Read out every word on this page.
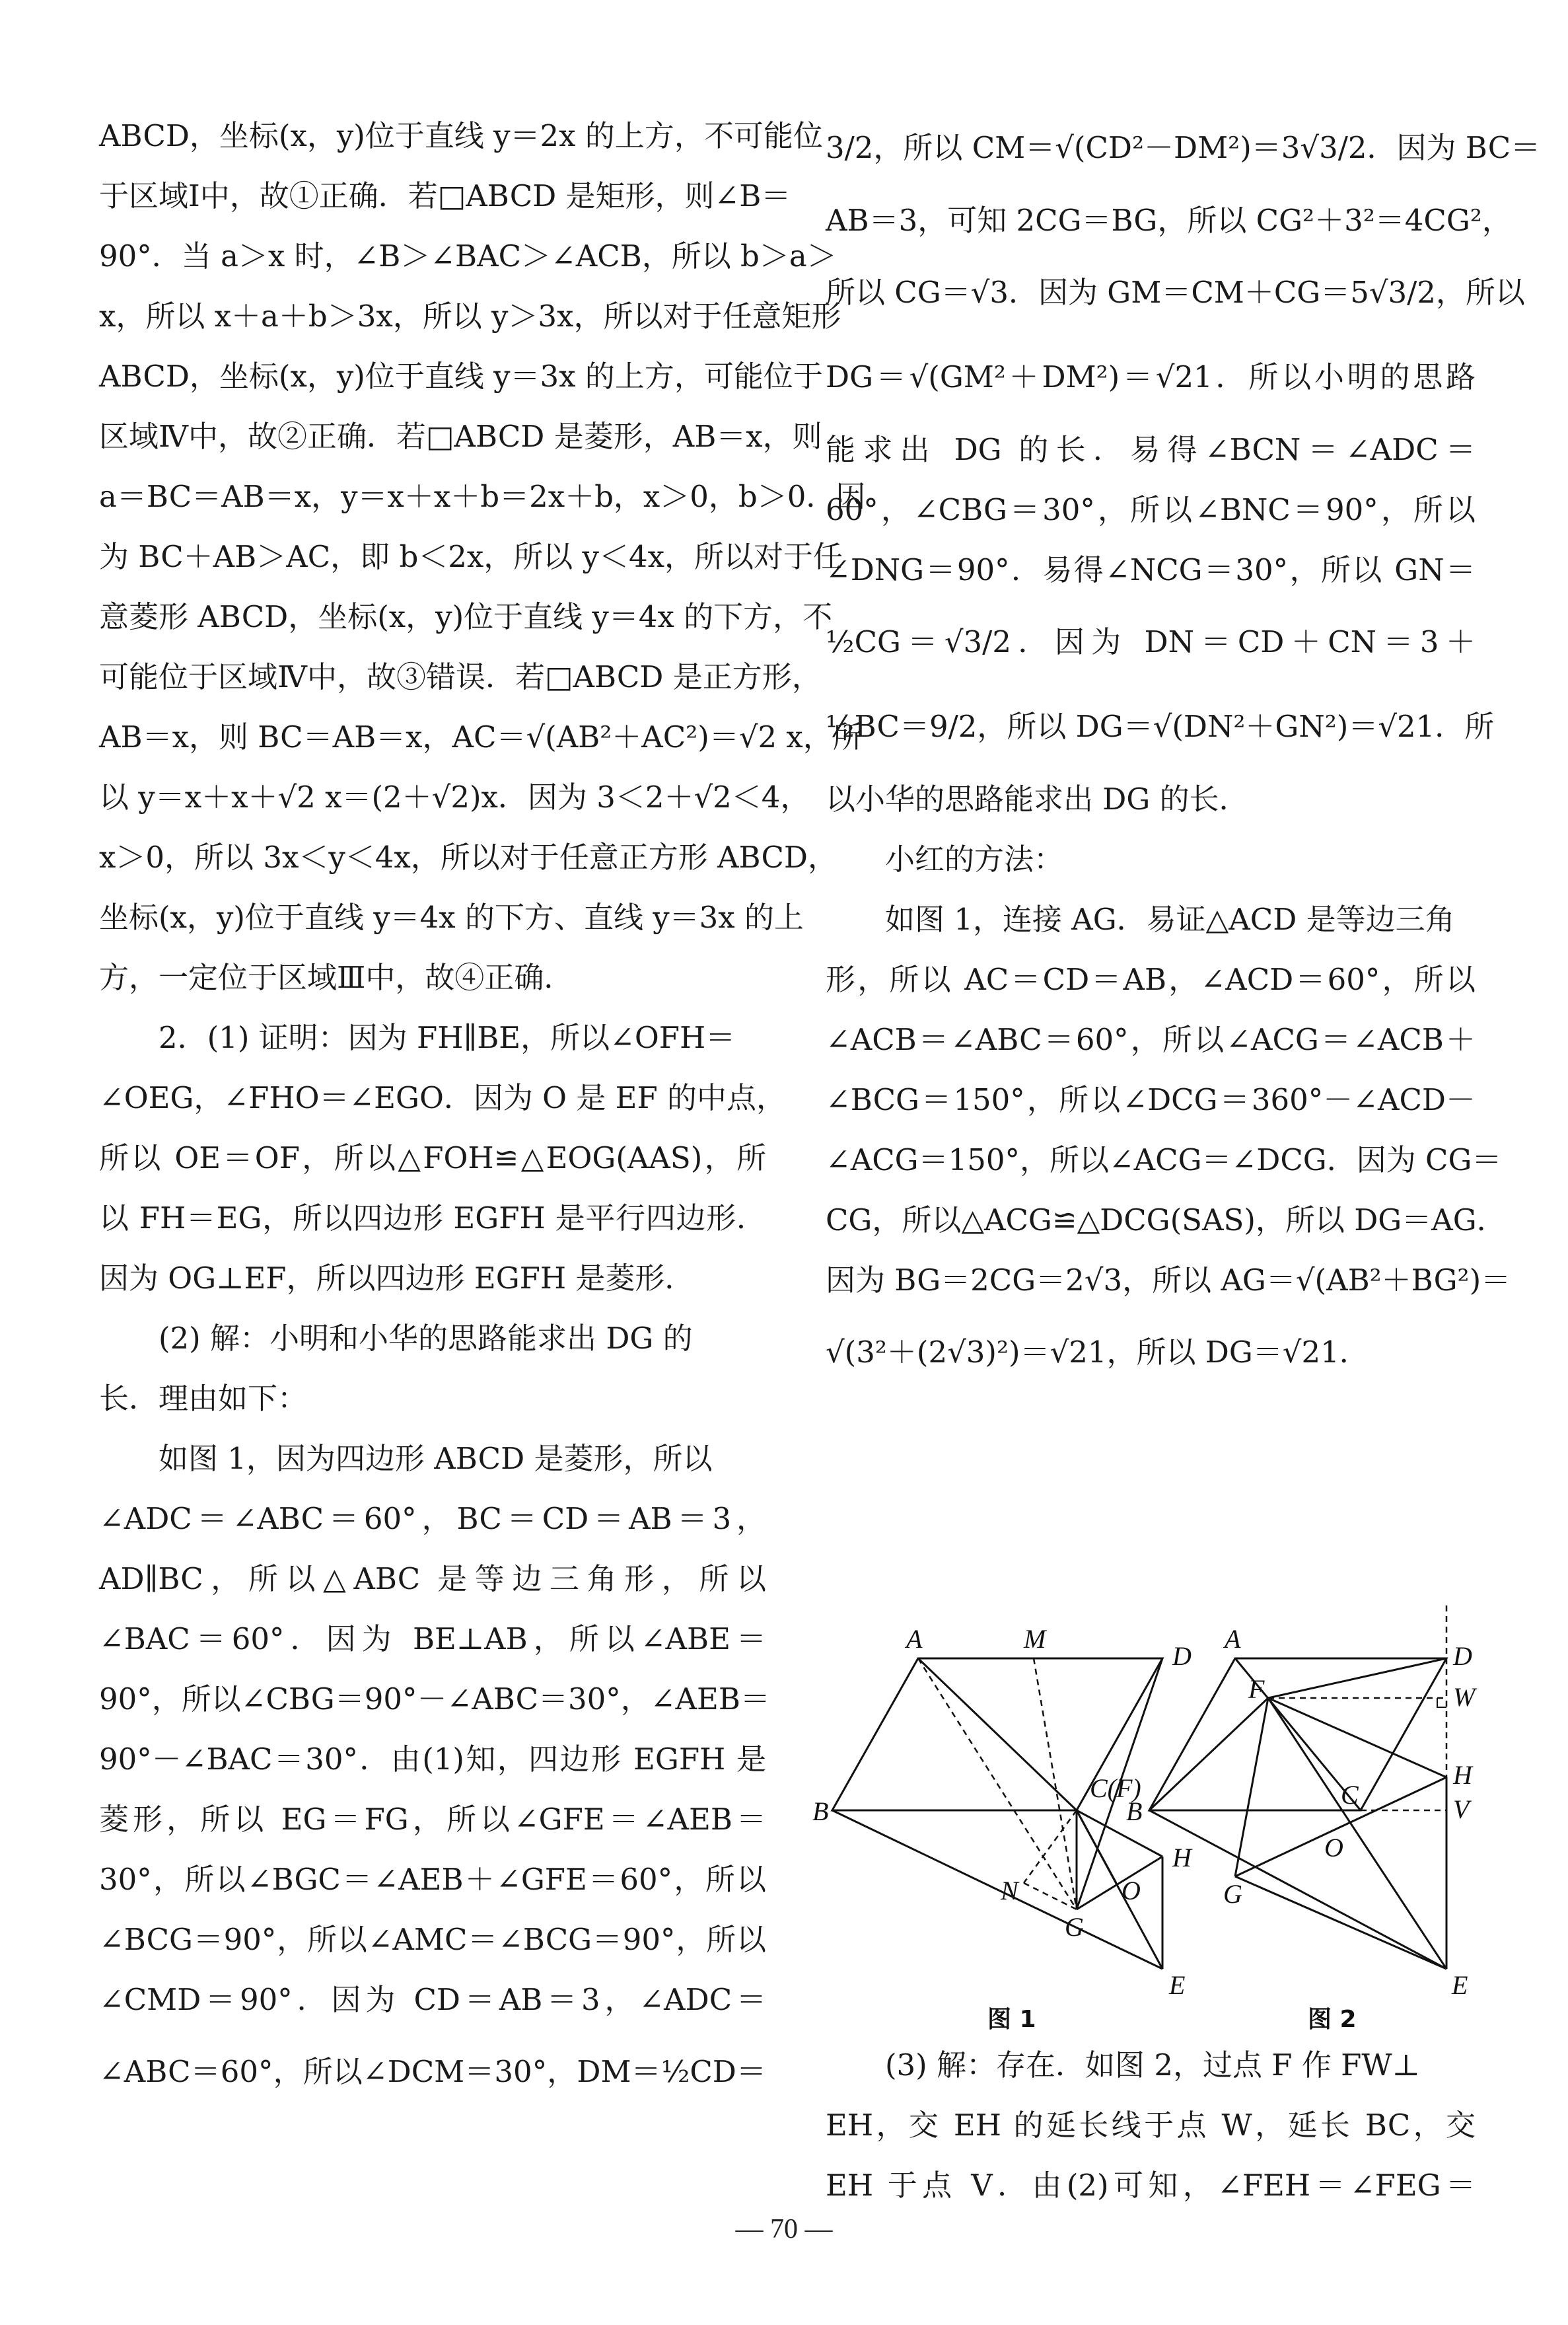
ABCD，坐标(x，y)位于直线 y＝2x 的上方，不可能位
于区域Ⅰ中，故①正确．若□ABCD 是矩形，则∠B＝
90°．当 a＞x 时，∠B＞∠BAC＞∠ACB，所以 b＞a＞
x，所以 x＋a＋b＞3x，所以 y＞3x，所以对于任意矩形
ABCD，坐标(x，y)位于直线 y＝3x 的上方，可能位于
区域Ⅳ中，故②正确．若□ABCD 是菱形，AB＝x，则
a＝BC＝AB＝x，y＝x＋x＋b＝2x＋b，x＞0，b＞0．因
为 BC＋AB＞AC，即 b＜2x，所以 y＜4x，所以对于任
意菱形 ABCD，坐标(x，y)位于直线 y＝4x 的下方，不
可能位于区域Ⅳ中，故③错误．若□ABCD 是正方形，
AB＝x，则 BC＝AB＝x，AC＝√(AB²＋AC²)＝√2 x，所
以 y＝x＋x＋√2 x＝(2＋√2)x．因为 3＜2＋√2＜4，
x＞0，所以 3x＜y＜4x，所以对于任意正方形 ABCD，
坐标(x，y)位于直线 y＝4x 的下方、直线 y＝3x 的上
方，一定位于区域Ⅲ中，故④正确．
2．(1) 证明：因为 FH∥BE，所以∠OFH＝
∠OEG，∠FHO＝∠EGO．因为 O 是 EF 的中点，
所以 OE＝OF，所以△FOH≌△EOG(AAS)，所
以 FH＝EG，所以四边形 EGFH 是平行四边形．
因为 OG⊥EF，所以四边形 EGFH 是菱形．
(2) 解：小明和小华的思路能求出 DG 的
长．理由如下：
如图 1，因为四边形 ABCD 是菱形，所以
∠ADC＝∠ABC＝60°，BC＝CD＝AB＝3，
AD∥BC，所以△ABC 是等边三角形，所以
∠BAC＝60°．因为 BE⊥AB，所以∠ABE＝
90°，所以∠CBG＝90°－∠ABC＝30°，∠AEB＝
90°－∠BAC＝30°．由(1)知，四边形 EGFH 是
菱形，所以 EG＝FG，所以∠GFE＝∠AEB＝
30°，所以∠BGC＝∠AEB＋∠GFE＝60°，所以
∠BCG＝90°，所以∠AMC＝∠BCG＝90°，所以
∠CMD＝90°．因为 CD＝AB＝3，∠ADC＝
∠ABC＝60°，所以∠DCM＝30°，DM＝½CD＝
3/2，所以 CM＝√(CD²－DM²)＝3√3/2．因为 BC＝
AB＝3，可知 2CG＝BG，所以 CG²＋3²＝4CG²，
所以 CG＝√3．因为 GM＝CM＋CG＝5√3/2，所以
DG＝√(GM²＋DM²)＝√21．所以小明的思路
能求出 DG 的长．易得∠BCN＝∠ADC＝
60°，∠CBG＝30°，所以∠BNC＝90°，所以
∠DNG＝90°．易得∠NCG＝30°，所以 GN＝
½CG＝√3/2．因为 DN＝CD＋CN＝3＋
½BC＝9/2，所以 DG＝√(DN²＋GN²)＝√21．所
以小华的思路能求出 DG 的长．
小红的方法：
如图 1，连接 AG．易证△ACD 是等边三角
形，所以 AC＝CD＝AB，∠ACD＝60°，所以
∠ACB＝∠ABC＝60°，所以∠ACG＝∠ACB＋
∠BCG＝150°，所以∠DCG＝360°－∠ACD－
∠ACG＝150°，所以∠ACG＝∠DCG．因为 CG＝
CG，所以△ACG≌△DCG(SAS)，所以 DG＝AG．
因为 BG＝2CG＝2√3，所以 AG＝√(AB²＋BG²)＝
√(3²＋(2√3)²)＝√21，所以 DG＝√21．
A	M
D
B
C(F)
H
N
G
O
E
图 1
A
D
W
F
H
B
C	V
O
G
E
图 2
(3) 解：存在．如图 2，过点 F 作 FW⊥
EH，交 EH 的延长线于点 W，延长 BC，交
EH 于点 V．由(2)可知，∠FEH＝∠FEG＝
— 70 —
